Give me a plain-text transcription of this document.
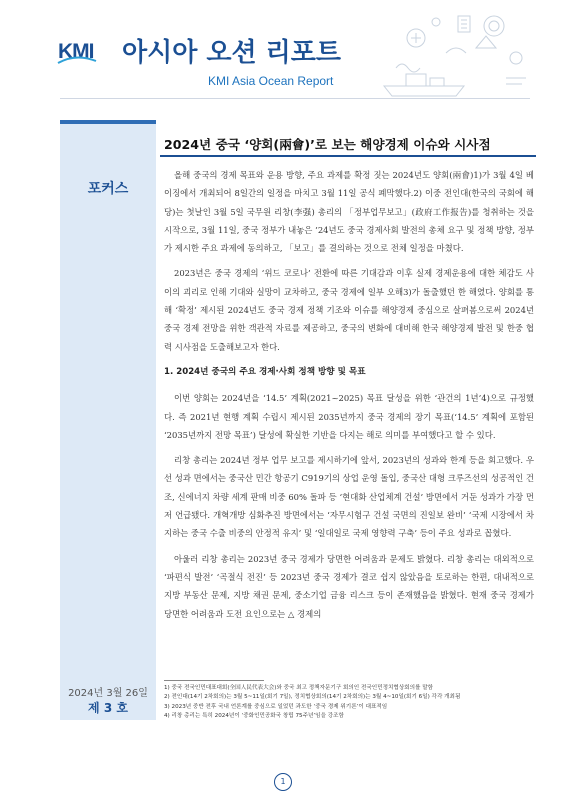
KMI 아시아 오션 리포트
KMI Asia Ocean Report
포커스
2024년 3월 26일
제 3 호
2024년 중국 ‘양회(兩會)’로 보는 해양경제 이슈와 시사점

올해 중국의 경제 목표와 운용 방향, 주요 과제를 확정 짓는 2024년도 양회(兩會)1)가 3월 4일 베이징에서 개최되어 8일간의 일정을 마치고 3월 11일 공식 폐막했다.2) 이중 전인대(한국의 국회에 해당)는 첫날인 3월 5일 국무원 리창(李强) 총리의 「정부업무보고」(政府工作报告)를 청취하는 것을 시작으로, 3월 11일, 중국 정부가 내놓은 ’24년도 중국 경제사회 발전의 총체 요구 및 정책 방향, 정부가 제시한 주요 과제에 동의하고, 「보고」를 결의하는 것으로 전체 일정을 마쳤다.

2023년은 중국 경제의 ‘위드 코로나’ 전환에 따른 기대감과 이후 실제 경제운용에 대한 체감도 사이의 괴리로 인해 기대와 실망이 교차하고, 중국 경제에 일부 오해3)가 돌출했던 한 해였다. 양회를 통해 ‘확정’ 제시된 2024년도 중국 경제 정책 기조와 이슈를 해양경제 중심으로 살펴봄으로써 2024년 중국 경제 전망을 위한 객관적 자료를 제공하고, 중국의 변화에 대비해 한국 해양경제 발전 및 한중 협력 시사점을 도출해보고자 한다.

1. 2024년 중국의 주요 경제·사회 정책 방향 및 목표

이번 양회는 2024년을 ‘14.5’ 계획(2021~2025) 목표 달성을 위한 ‘관건의 1년’4)으로 규정했다. 즉 2021년 현행 계획 수립시 제시된 2035년까지 중국 경제의 장기 목표(‘14.5’ 계획에 포함된 ‘2035년까지 전망 목표’) 달성에 확실한 기반을 다지는 해로 의미를 부여했다고 할 수 있다.

리창 총리는 2024년 정부 업무 보고를 제시하기에 앞서, 2023년의 성과와 한계 등을 회고했다. 우선 성과 면에서는 중국산 민간 항공기 C919기의 상업 운영 돌입, 중국산 대형 크루즈선의 성공적인 건조, 신에너지 차량 세계 판매 비중 60% 돌파 등 ‘현대화 산업체계 건설’ 방면에서 거둔 성과가 가장 먼저 언급됐다. 개혁개방 심화추진 방면에서는 ‘자무시험구 건설 국면의 진일보 완비’ ‘국제 시장에서 차지하는 중국 수출 비중의 안정적 유지’ 및 ‘일대일로 국제 영향력 구축’ 등이 주요 성과로 꼽혔다.

아울러 리창 총리는 2023년 중국 경제가 당면한 어려움과 문제도 밝혔다. 리창 총리는 대외적으로 ‘파편식 발전’ ‘곡절식 전진’ 등 2023년 중국 경제가 결코 쉽지 않았음을 토로하는 한편, 대내적으로 지방 부동산 문제, 지방 채권 문제, 중소기업 금융 리스크 등이 존재했음을 밝혔다. 현재 중국 경제가 당면한 어려움과 도전 요인으로는 △ 경제의

1) 중국 전국인민대표대회(全国人民代表大会)와 중국 최고 정책자문기구 회의인 전국인민정치협상회의를 말함
2) 전인대(14기 2차회의)는 3월 5~11일(회기 7일), 정치협상회의(14기 2차회의)는 3월 4~10일(회기 6일) 각각 개최됨
3) 2023년 중반 전후 국내 언론계를 중심으로 일었던 과도한 ‘중국 경제 위기론’이 대표적임
4) 리창 총리는 특히 2024년이 ‘중화인민공화국 창립 75주년’임을 강조함
1
